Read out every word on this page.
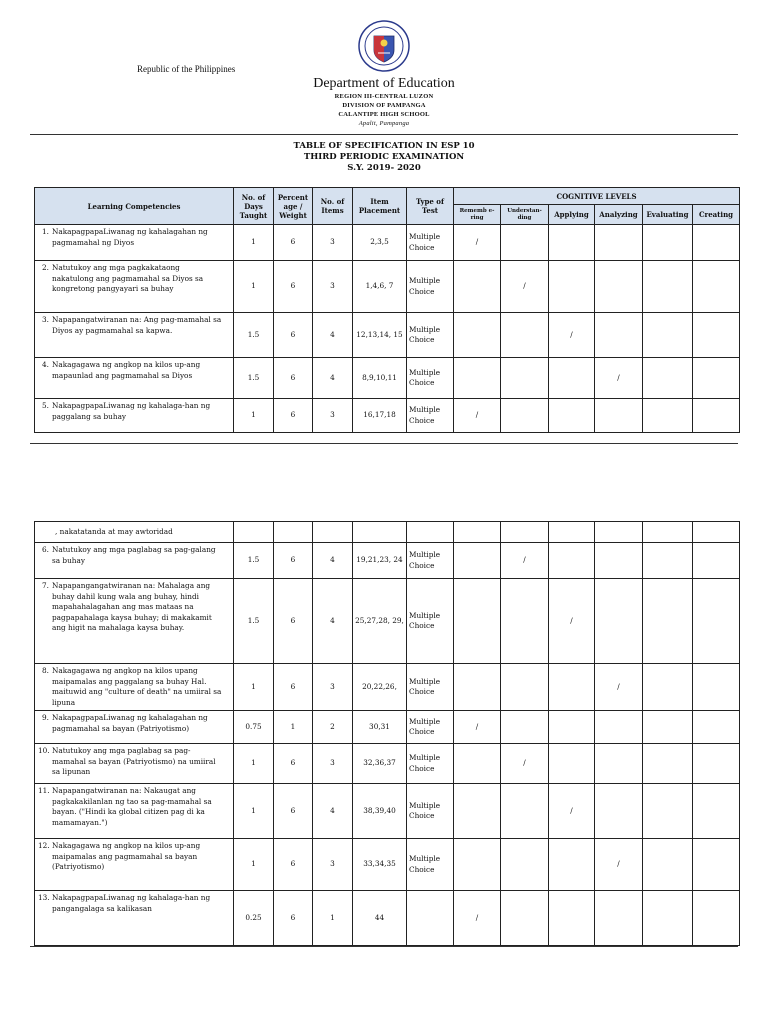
Republic of the Philippines
Department of Education
REGION III-CENTRAL LUZON
DIVISION OF PAMPANGA
CALANTIPE HIGH SCHOOL
Apalit, Pampanga
TABLE OF SPECIFICATION IN ESP 10
THIRD PERIODIC EXAMINATION
S.Y. 2019- 2020
Learning Competencies	No. of Days Taught	Percent age / Weight	No. of Items	Item Placement	Type of Test	COGNITIVE LEVELS					
						Rememb e-ring	Understan-ding	Applying	Analyzing	Evaluating	Creating
1. NakapagpapaLiwanag ng kahalagahan ng pagmamahal ng Diyos	1	6	3	2,3,5	Multiple Choice	/					
2. Natutukoy ang mga pagkakataong nakatulong ang pagmamahal sa Diyos sa kongretong pangyayari sa buhay	1	6	3	1,4,6, 7	Multiple Choice		/				
3. Napapangatwiranan na: Ang pag-mamahal sa Diyos ay pagmamahal sa kapwa.	1.5	6	4	12,13,14, 15	Multiple Choice			/			
4. Nakagagawa ng angkop na kilos up-ang mapaunlad ang pagmamahal sa Diyos	1.5	6	4	8,9,10,11	Multiple Choice				/		
5. NakapagpapaLiwanag ng kahalaga-han ng paggalang sa buhay	1	6	3	16,17,18	Multiple Choice	/					
, nakatatanda at may awtoridad											
6. Natutukoy ang mga paglabag sa pag-galang sa buhay	1.5	6	4	19,21,23, 24	Multiple Choice		/				
7. Napapangangatwiranan na: Mahalaga ang buhay dahil kung wala ang buhay, hindi mapahahalagahan ang mas mataas na pagpapahalaga kaysa buhay; di makakamit ang higit na mahalaga kaysa buhay.	1.5	6	4	25,27,28, 29,	Multiple Choice			/			
8. Nakagagawa ng angkop na kilos upang maipamalas ang paggalang sa buhay Hal. maituwid ang "culture of death" na umiiral sa lipuna	1	6	3	20,22,26,	Multiple Choice				/		
9. NakapagpapaLiwanag ng kahalagahan ng pagmamahal sa bayan (Patriyotismo)	0.75	1	2	30,31	Multiple Choice	/					
10. Natutukoy ang mga paglabag sa pag-mamahal sa bayan (Patriyotismo) na umiiral sa lipunan	1	6	3	32,36,37	Multiple Choice		/				
11. Napapangatwiranan na: Nakaugat ang pagkakakilanlan ng tao sa pag-mamahal sa bayan. ("Hindi ka global citizen pag di ka mamamayan.")	1	6	4	38,39,40	Multiple Choice			/			
12. Nakagagawa ng angkop na kilos up-ang maipamalas ang pagmamahal sa bayan (Patriyotismo)	1	6	3	33,34,35	Multiple Choice				/		
13. NakapagpapaLiwanag ng kahalaga-han ng pangangalaga sa kalikasan	0.25	6	1	44		/					
